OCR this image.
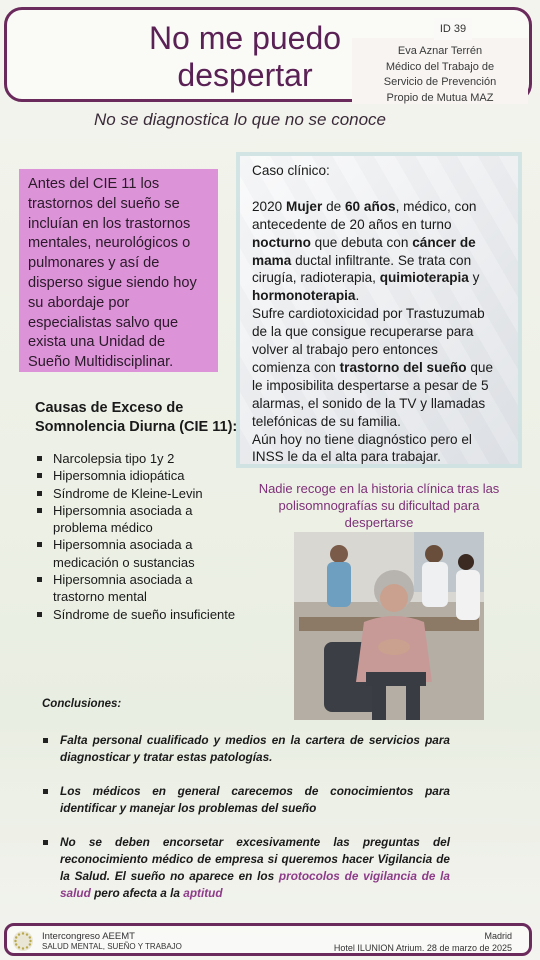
No me puedo despertar
ID 39
Eva Aznar Terrén
Médico del Trabajo de
Servicio de Prevención
Propio de Mutua MAZ
No se diagnostica lo que no se conoce
Antes del CIE 11 los trastornos del sueño se incluían en los trastornos mentales, neurológicos o pulmonares y así de disperso sigue siendo hoy su abordaje por especialistas salvo que exista una Unidad de Sueño Multidisciplinar.
Caso clínico:
2020 Mujer de 60 años, médico, con antecedente de 20 años en turno nocturno que debuta con cáncer de mama ductal infiltrante. Se trata con cirugía, radioterapia, quimioterapia y hormonoterapia.
Sufre cardiotoxicidad por Trastuzumab de la que consigue recuperarse para volver al trabajo pero entonces comienza con trastorno del sueño que le imposibilita despertarse a pesar de 5 alarmas, el sonido de la TV y llamadas telefónicas de su familia.
Aún hoy no tiene diagnóstico pero el INSS le da el alta para trabajar.
Causas de Exceso de Somnolencia Diurna (CIE 11):
Narcolepsia tipo 1y 2
Hipersomnia idiopática
Síndrome de Kleine-Levin
Hipersomnia asociada a problema médico
Hipersomnia asociada a medicación o sustancias
Hipersomnia asociada a trastorno mental
Síndrome de sueño insuficiente
Nadie recoge en la historia clínica tras las polisomnografías su dificultad para despertarse
Conclusiones:
Falta personal cualificado y medios en la cartera de servicios para diagnosticar y tratar estas patologías.
Los médicos en general carecemos de conocimientos para identificar y manejar los problemas del sueño
No se deben encorsetar excesivamente las preguntas del reconocimiento médico de empresa si queremos hacer Vigilancia de la Salud. El sueño no aparece en los protocolos de vigilancia de la salud pero afecta a la aptitud
Intercongreso AEEMT
SALUD MENTAL, SUEÑO Y TRABAJO
Madrid
Hotel ILUNION Atrium. 28 de marzo de 2025
